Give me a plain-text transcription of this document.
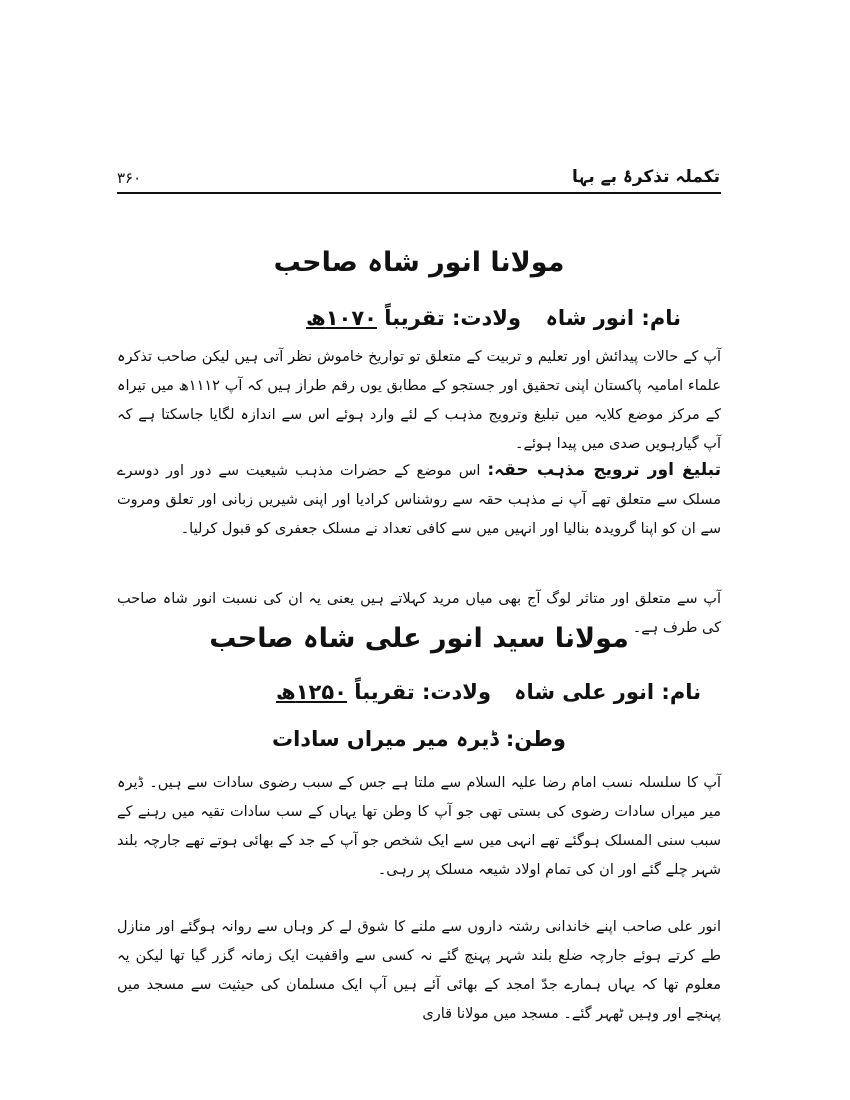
۳۶۰	تکملہ تذکرۂ بے بہا
مولانا انور شاہ صاحب
نام: انور شاہ
ولادت: تقریباً ۱۰۷۰ھ
آپ کے حالات پیدائش اور تعلیم و تربیت کے متعلق تو تواریخ خاموش نظر آتی ہیں لیکن صاحب تذکرہ علماء امامیہ پاکستان اپنی تحقیق اور جستجو کے مطابق یوں رقم طراز ہیں کہ آپ ۱۱۱۲ھ میں تیراہ کے مرکز موضع کلایہ میں تبلیغ وترویج مذہب کے لئے وارد ہوئے اس سے اندازہ لگایا جاسکتا ہے کہ آپ گیارہویں صدی میں پیدا ہوئے۔
تبلیغ اور ترویج مذہب حقہ: اس موضع کے حضرات مذہب شیعیت سے دور اور دوسرے مسلک سے متعلق تھے آپ نے مذہب حقہ سے روشناس کرادیا اور اپنی شیریں زبانی اور تعلق ومروت سے ان کو اپنا گرویدہ بنالیا اور انہیں میں سے کافی تعداد نے مسلک جعفری کو قبول کرلیا۔
آپ سے متعلق اور متاثر لوگ آج بھی میاں مرید کہلاتے ہیں یعنی یہ ان کی نسبت انور شاہ صاحب کی طرف ہے۔
مولانا سید انور علی شاہ صاحب
نام: انور علی شاہ
ولادت: تقریباً ۱۲۵۰ھ
وطن: ڈیرہ میر میراں سادات
آپ کا سلسلہ نسب امام رضا علیہ السلام سے ملتا ہے جس کے سبب رضوی سادات سے ہیں۔ ڈیرہ میر میراں سادات رضوی کی بستی تھی جو آپ کا وطن تھا یہاں کے سب سادات تقیہ میں رہنے کے سبب سنی المسلک ہوگئے تھے انہی میں سے ایک شخص جو آپ کے جد کے بھائی ہوتے تھے جارچہ بلند شہر چلے گئے اور ان کی تمام اولاد شیعہ مسلک پر رہی۔
انور علی صاحب اپنے خاندانی رشتہ داروں سے ملنے کا شوق لے کر وہاں سے روانہ ہوگئے اور منازل طے کرتے ہوئے جارچہ ضلع بلند شہر پہنچ گئے نہ کسی سے واقفیت ایک زمانہ گزر گیا تھا لیکن یہ معلوم تھا کہ یہاں ہمارے جدّ امجد کے بھائی آئے ہیں آپ ایک مسلمان کی حیثیت سے مسجد میں پہنچے اور وہیں ٹھہر گئے۔ مسجد میں مولانا قاری
